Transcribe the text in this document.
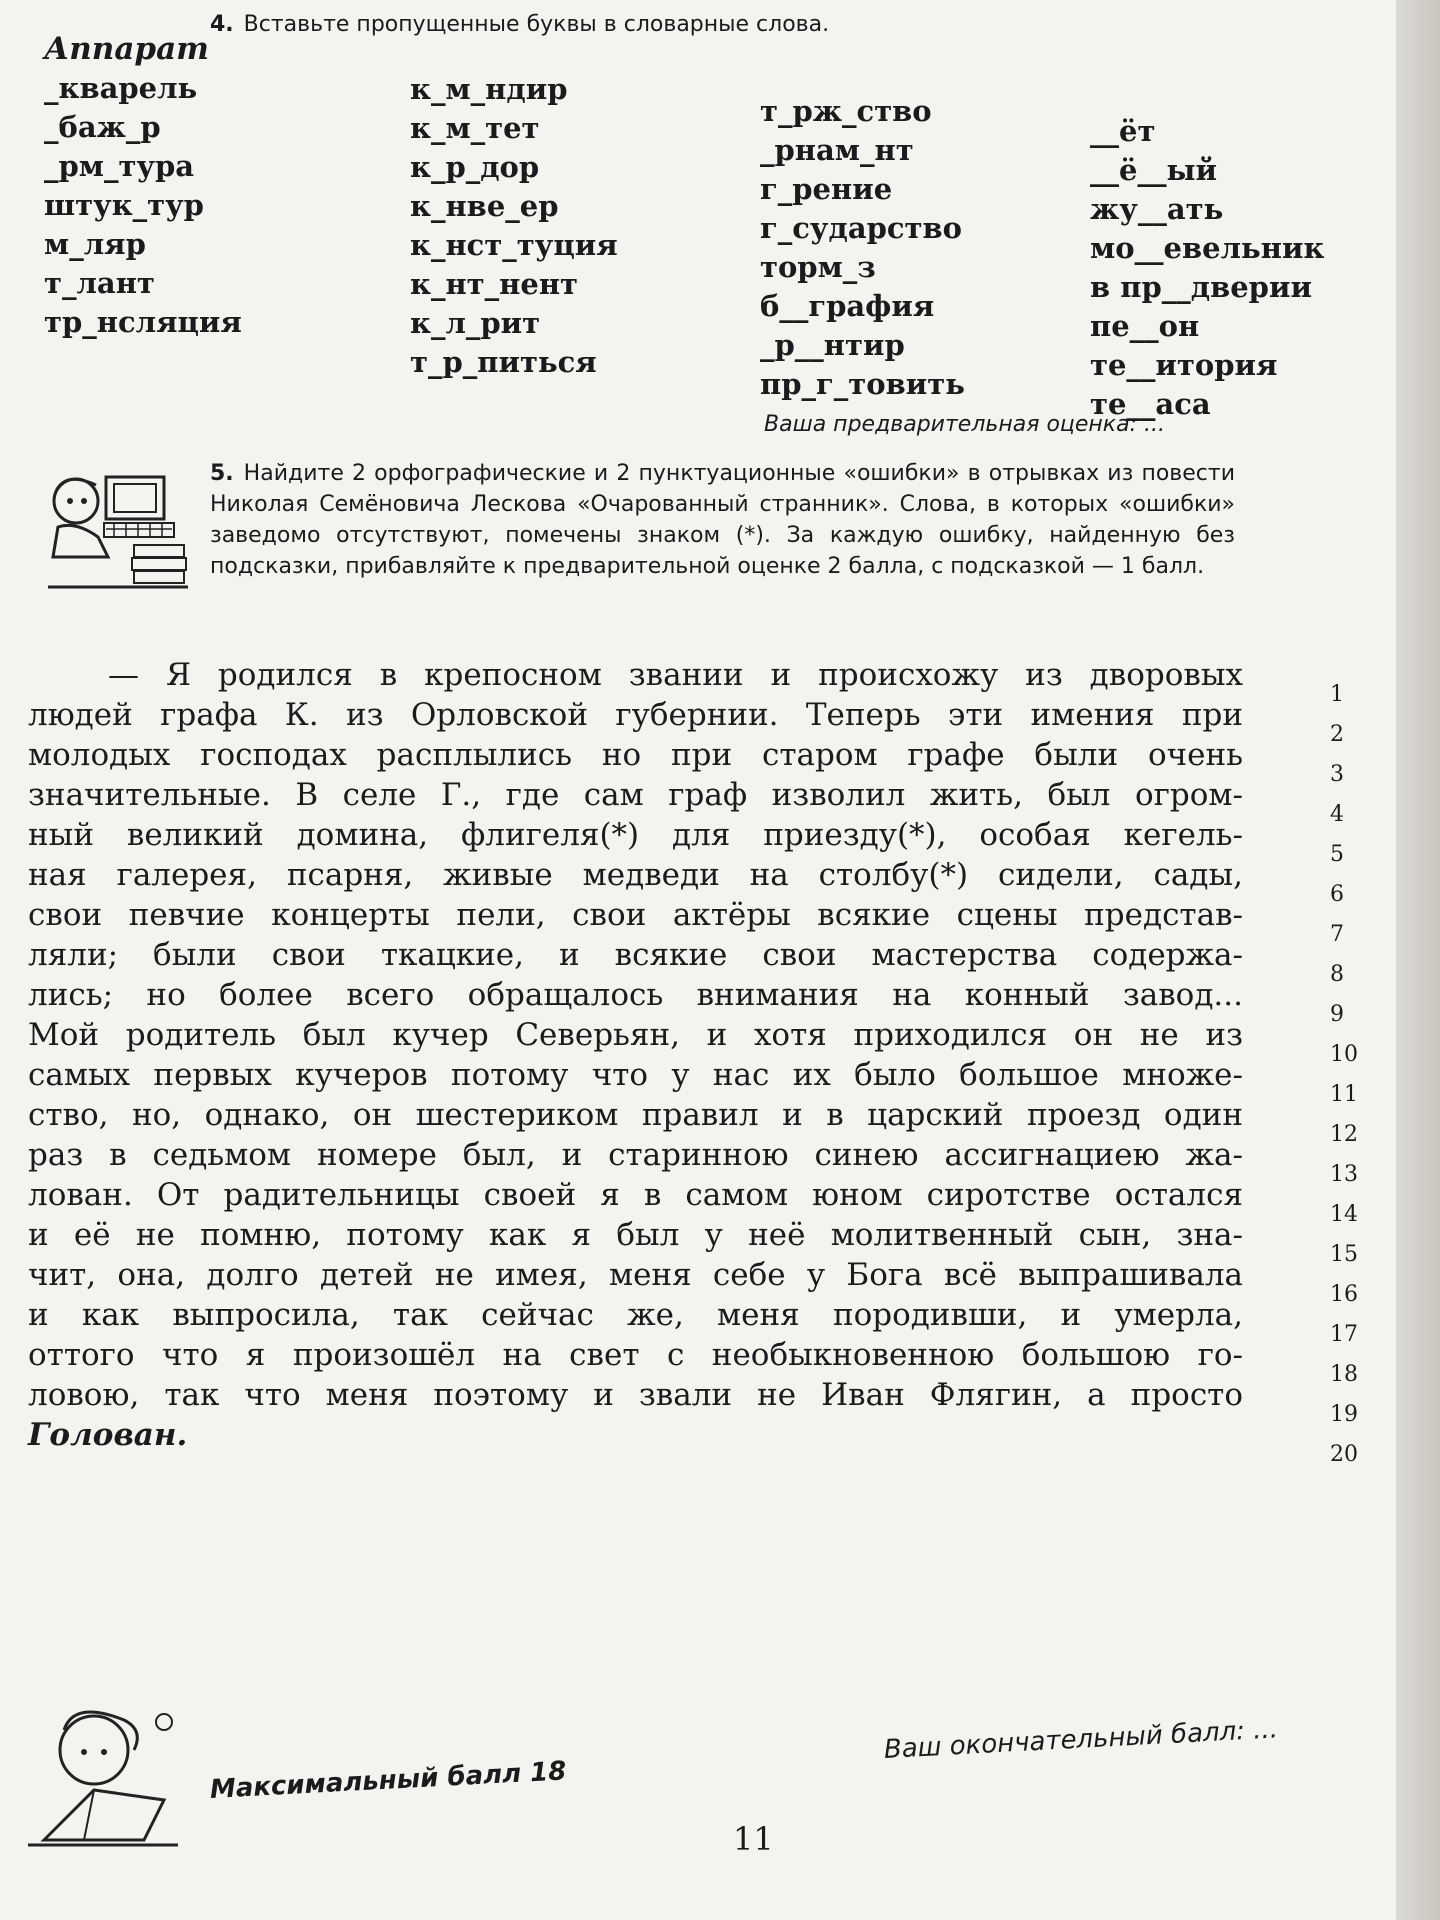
4. Вставьте пропущенные буквы в словарные слова.
Аппарат
_кварель
_баж_р
_рм_тура
штук_тур
м_ляр
т_лант
тр_нсляция
к_м_ндир
к_м_тет
к_р_дор
к_нве_ер
к_нст_туция
к_нт_нент
к_л_рит
т_р_питься
т_рж_ство
_рнам_нт
г_рение
г_сударство
торм_з
б__графия
_р__нтир
пр_г_товить
__ёт
__ё__ый
жу__ать
мо__евельник
в пр__дверии
пе__он
те__итория
те__аса
Ваша предварительная оценка: ...
5. Найдите 2 орфографические и 2 пунктуационные «ошибки» в отрывках из повести Николая Семёновича Лескова «Очарованный странник». Слова, в которых «ошибки» заведомо отсутствуют, помечены знаком (*). За каждую ошибку, найденную без подсказки, прибавляйте к предварительной оценке 2 балла, с подсказкой — 1 балл.
— Я родился в крепосном звании и происхожу из дворовых
людей графа К. из Орловской губернии. Теперь эти имения при
молодых господах расплылись но при старом графе были очень
значительные. В селе Г., где сам граф изволил жить, был огром-
ный великий домина, флигеля(*) для приезду(*), особая кегель-
ная галерея, псарня, живые медведи на столбу(*) сидели, сады,
свои певчие концерты пели, свои актёры всякие сцены представ-
ляли; были свои ткацкие, и всякие свои мастерства содержа-
лись; но более всего обращалось внимания на конный завод...
Мой родитель был кучер Северьян, и хотя приходился он не из
самых первых кучеров потому что у нас их было большое множе-
ство, но, однако, он шестериком правил и в царский проезд один
раз в седьмом номере был, и старинною синею ассигнациею жа-
лован. От радительницы своей я в самом юном сиротстве остался
и её не помню, потому как я был у неё молитвенный сын, зна-
чит, она, долго детей не имея, меня себе у Бога всё выпрашивала
и как выпросила, так сейчас же, меня породивши, и умерла,
оттого что я произошёл на свет с необыкновенною большою го-
ловою, так что меня поэтому и звали не Иван Флягин, а просто
Голован.
1
2
3
4
5
6
7
8
9
10
11
12
13
14
15
16
17
18
19
20
Максимальный балл 18
Ваш окончательный балл: ...
11
